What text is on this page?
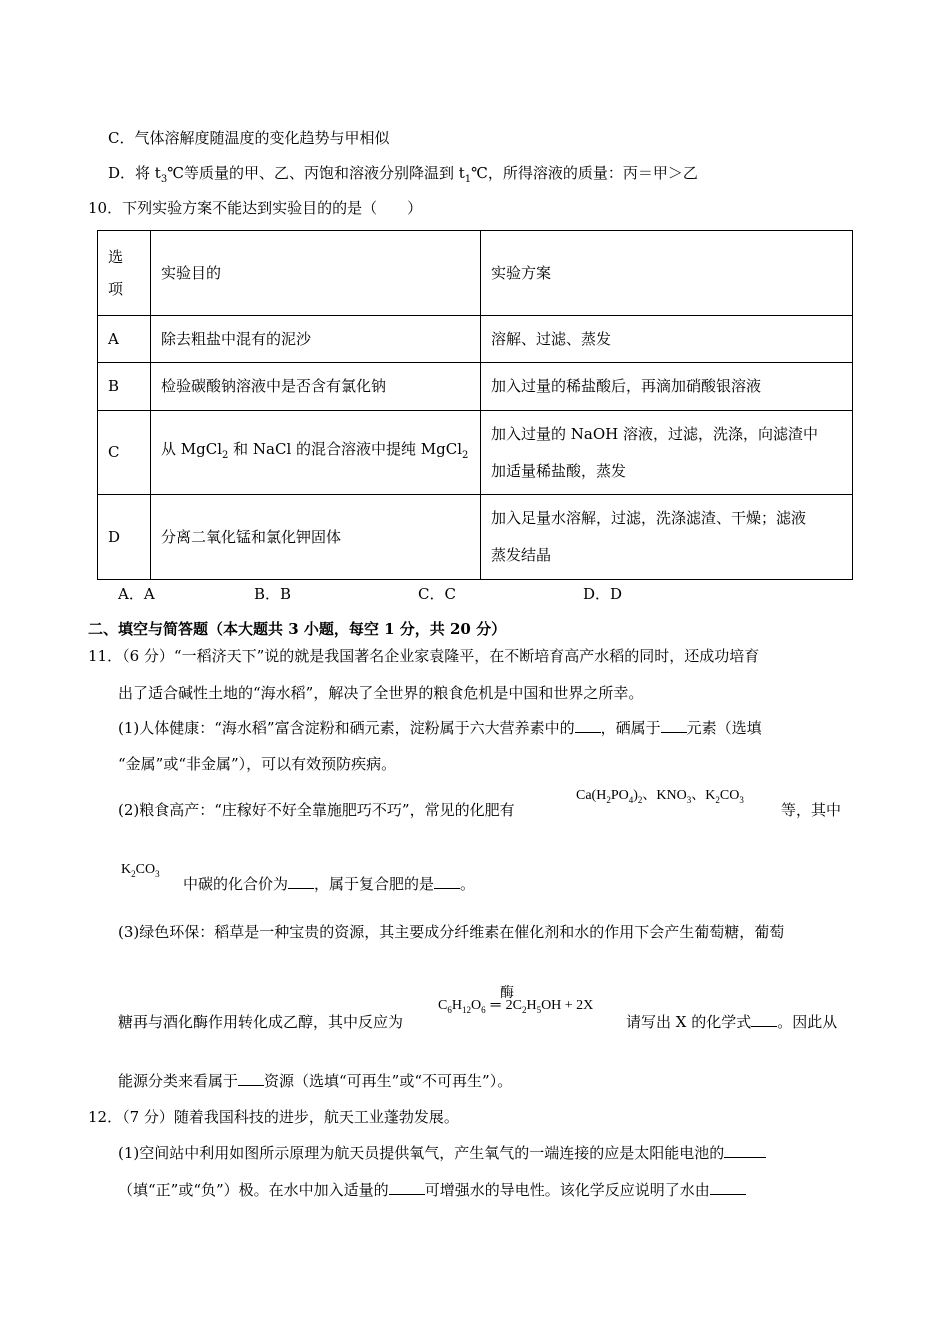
C．气体溶解度随温度的变化趋势与甲相似
D．将 $t_3℃$等质量的甲、乙、丙饱和溶液分别降温到 $t_1℃$，所得溶液的质量：丙＝甲＞乙
10．下列实验方案不能达到实验目的的是（　　）
选
项	实验目的	实验方案
A	除去粗盐中混有的泥沙	溶解、过滤、蒸发
B	检验碳酸钠溶液中是否含有氯化钠	加入过量的稀盐酸后，再滴加硝酸银溶液
C	从 MgCl$_2$ 和 NaCl 的混合溶液中提纯 MgCl$_2$	加入过量的 NaOH 溶液，过滤，洗涤，向滤渣中
加适量稀盐酸，蒸发

D	分离二氧化锰和氯化钾固体	加入足量水溶解，过滤，洗涤滤渣、干燥；滤液
蒸发结晶
A．A	B．B	C．C	D．D
二、填空与简答题（本大题共 3 小题，每空 1 分，共 20 分）
11．（6 分）“一稻济天下”说的就是我国著名企业家袁隆平，在不断培育高产水稻的同时，还成功培育
出了适合碱性土地的“海水稻”，解决了全世界的粮食危机是中国和世界之所幸。
(1)人体健康：“海水稻”富含淀粉和硒元素，淀粉属于六大营养素中的 ，硒属于 元素（选填
“金属”或“非金属”），可以有效预防疾病。
(2)粮食高产：“庄稼好不好全靠施肥巧不巧”，常见的化肥有
$Ca(H_2PO_4)_2$、$KNO_3$、$K_2CO_3$
等，其中
$K_2CO_3$
中碳的化合价为 ，属于复合肥的是 。
(3)绿色环保：稻草是一种宝贵的资源，其主要成分纤维素在催化剂和水的作用下会产生葡萄糖，葡萄
糖再与酒化酶作用转化成乙醇，其中反应为
$C_6H_{12}O_6$ ═ $2C_2H_5OH + 2X$
酶
请写出 X 的化学式 。因此从
能源分类来看属于 资源（选填“可再生”或“不可再生”）。
12．（7 分）随着我国科技的进步，航天工业蓬勃发展。
(1)空间站中利用如图所示原理为航天员提供氧气，产生氧气的一端连接的应是太阳能电池的
（填“正”或“负”）极。在水中加入适量的 可增强水的导电性。该化学反应说明了水由
